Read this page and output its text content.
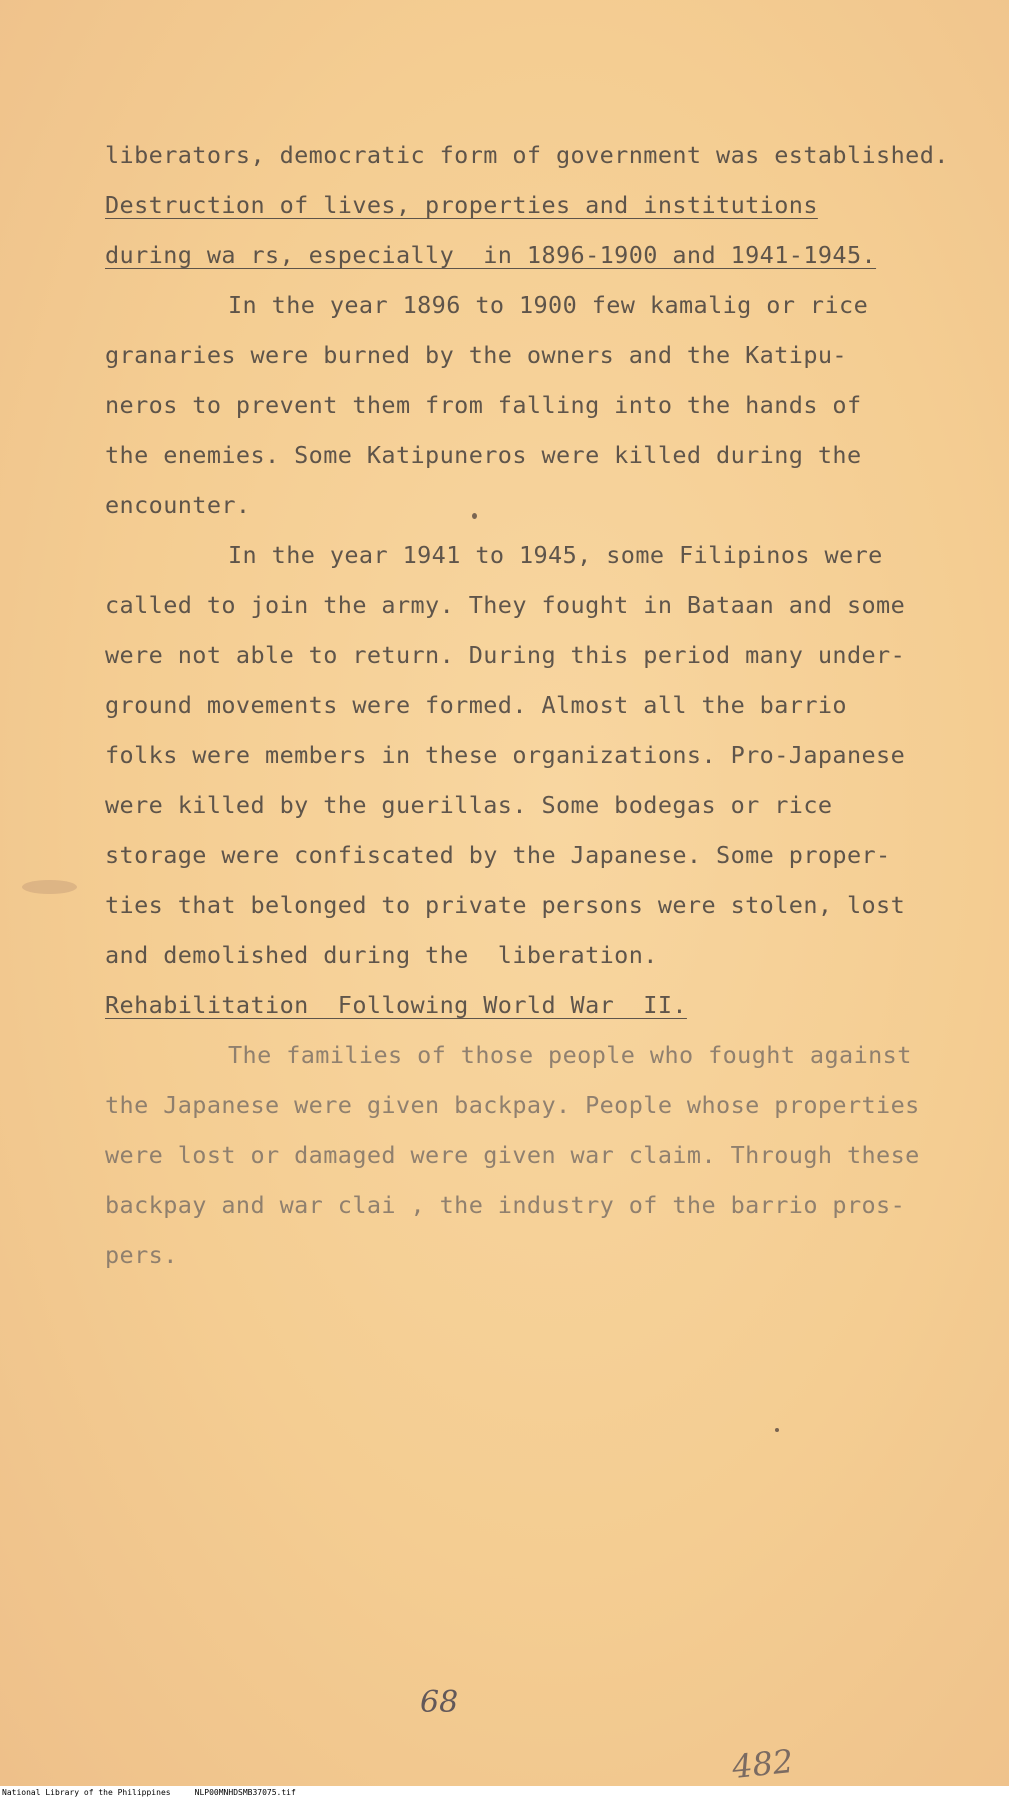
liberators, democratic form of government was established.
Destruction of lives, properties and institutions
during wa rs, especially  in 1896-1900 and 1941-1945.
In the year 1896 to 1900 few kamalig or rice
granaries were burned by the owners and the Katipu-
neros to prevent them from falling into the hands of
the enemies. Some Katipuneros were killed during the
encounter.
In the year 1941 to 1945, some Filipinos were
called to join the army. They fought in Bataan and some
were not able to return. During this period many under-
ground movements were formed. Almost all the barrio
folks were members in these organizations. Pro-Japanese
were killed by the guerillas. Some bodegas or rice
storage were confiscated by the Japanese. Some proper-
ties that belonged to private persons were stolen, lost
and demolished during the  liberation.
Rehabilitation  Following World War  II.
The families of those people who fought against
the Japanese were given backpay. People whose properties
were lost or damaged were given war claim. Through these
backpay and war clai , the industry of the barrio pros-
pers.
68
482
National Library of the Philippines     NLP00MNHDSMB37075.tif
